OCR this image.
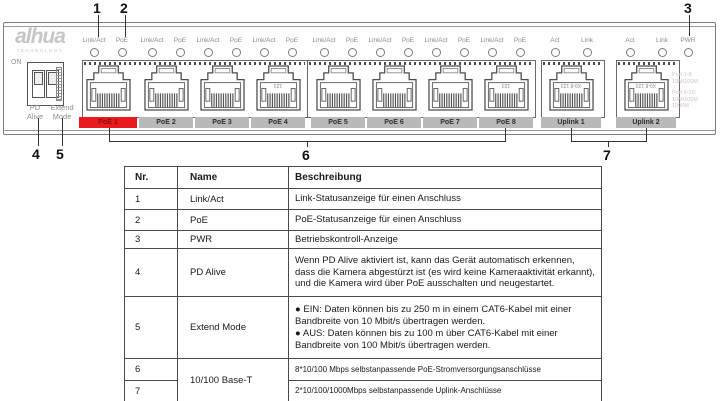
alhua
TECHNOLOGY
ON
PD
Alive
Extend
Mode
Link/Act	PoE
PoE 1
Link/Act	PoE
PoE 2
Link/Act	PoE
PoE 3
Link/Act	PoE
123
PoE 4
Link/Act	PoE
PoE 5
Link/Act	PoE
PoE 6
Link/Act	PoE
PoE 7
Link/Act	PoE
123
PoE 8
Act	Link
X9-8 123
Uplink 1
Act	Link
X9-8 123
Uplink 2
PWR
Port 1-8:
10M/100M
Port 9-10:
10M/100M
1000M
1 2	3
4 5	6	7
Nr.	Name	Beschreibung
1	Link/Act	Link-Statusanzeige für einen Anschluss
2	PoE	PoE-Statusanzeige für einen Anschluss
3	PWR	Betriebskontroll-Anzeige
4	PD Alive	Wenn PD Alive aktiviert ist, kann das Gerät automatisch erkennen, dass die Kamera abgestürzt ist (es wird keine Kameraaktivität erkannt), und die Kamera wird über PoE ausschalten und neugestartet.
5	Extend Mode	● EIN: Daten können bis zu 250 m in einem CAT6-Kabel mit einer Bandbreite von 10 Mbit/s übertragen werden.
● AUS: Daten können bis zu 100 m über CAT6-Kabel mit einer Bandbreite von 100 Mbit/s übertragen werden.

6	10/100 Base-T	8*10/100 Mbps selbstanpassende PoE-Stromversorgungsanschlüsse
7		2*10/100/1000Mbps selbstanpassende Uplink-Anschlüsse
